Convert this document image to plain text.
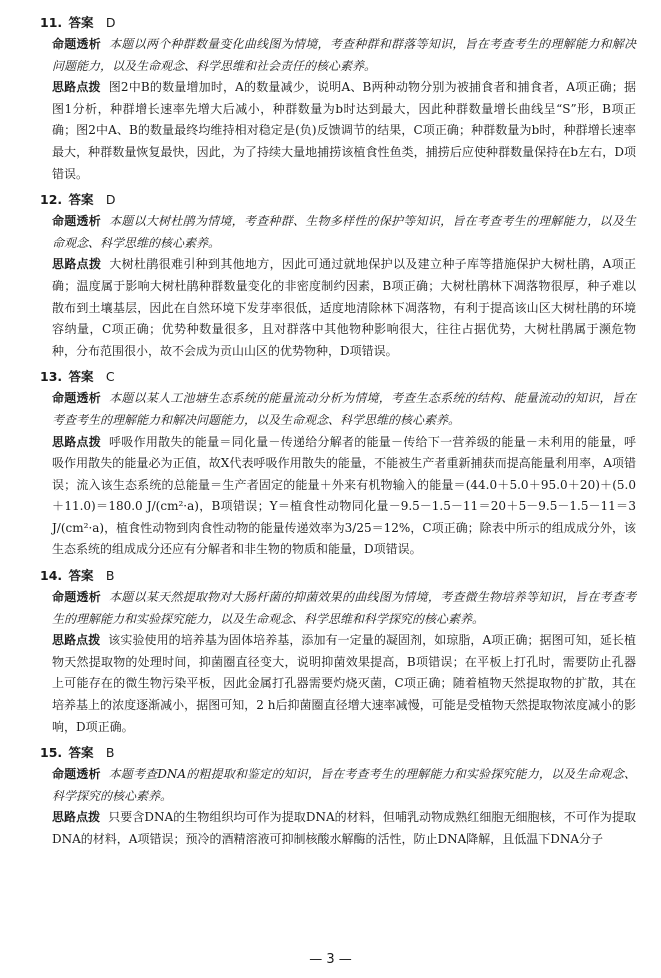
11. 答案 D
命题透析 本题以两个种群数量变化曲线图为情境，考查种群和群落等知识，旨在考查考生的理解能力和解决问题能力，以及生命观念、科学思维和社会责任的核心素养。
思路点拨 图2中B的数量增加时，A的数量减少，说明A、B两种动物分别为被捕食者和捕食者，A项正确；据图1分析，种群增长速率先增大后减小，种群数量为b时达到最大，因此种群数量增长曲线呈“S”形，B项正确；图2中A、B的数量最终均维持相对稳定是(负)反馈调节的结果，C项正确；种群数量为b时，种群增长速率最大，种群数量恢复最快，因此，为了持续大量地捕捞该植食性鱼类，捕捞后应使种群数量保持在b左右，D项错误。
12. 答案 D
命题透析 本题以大树杜鹃为情境，考查种群、生物多样性的保护等知识，旨在考查考生的理解能力，以及生命观念、科学思维的核心素养。
思路点拨 大树杜鹃很难引种到其他地方，因此可通过就地保护以及建立种子库等措施保护大树杜鹃，A项正确；温度属于影响大树杜鹃种群数量变化的非密度制约因素，B项正确；大树杜鹃林下凋落物很厚，种子难以散布到土壤基层，因此在自然环境下发芽率很低，适度地清除林下凋落物，有利于提高该山区大树杜鹃的环境容纳量，C项正确；优势种数量很多，且对群落中其他物种影响很大，往往占据优势，大树杜鹃属于濒危物种，分布范围很小，故不会成为贡山山区的优势物种，D项错误。
13. 答案 C
命题透析 本题以某人工池塘生态系统的能量流动分析为情境，考查生态系统的结构、能量流动的知识，旨在考查考生的理解能力和解决问题能力，以及生命观念、科学思维的核心素养。
思路点拨 呼吸作用散失的能量＝同化量－传递给分解者的能量－传给下一营养级的能量－未利用的能量，呼吸作用散失的能量必为正值，故X代表呼吸作用散失的能量，不能被生产者重新捕获而提高能量利用率，A项错误；流入该生态系统的总能量＝生产者固定的能量＋外来有机物输入的能量＝(44.0＋5.0＋95.0＋20)＋(5.0＋11.0)＝180.0 J/(cm²·a)，B项错误；Y＝植食性动物同化量－9.5－1.5－11＝20＋5－9.5－1.5－11＝3 J/(cm²·a)，植食性动物到肉食性动物的能量传递效率为3/25＝12%，C项正确；除表中所示的组成成分外，该生态系统的组成成分还应有分解者和非生物的物质和能量，D项错误。
14. 答案 B
命题透析 本题以某天然提取物对大肠杆菌的抑菌效果的曲线图为情境，考查微生物培养等知识，旨在考查考生的理解能力和实验探究能力，以及生命观念、科学思维和科学探究的核心素养。
思路点拨 该实验使用的培养基为固体培养基，添加有一定量的凝固剂，如琼脂，A项正确；据图可知，延长植物天然提取物的处理时间，抑菌圈直径变大，说明抑菌效果提高，B项错误；在平板上打孔时，需要防止孔器上可能存在的微生物污染平板，因此金属打孔器需要灼烧灭菌，C项正确；随着植物天然提取物的扩散，其在培养基上的浓度逐渐减小，据图可知，2 h后抑菌圈直径增大速率减慢，可能是受植物天然提取物浓度减小的影响，D项正确。
15. 答案 B
命题透析 本题考查DNA的粗提取和鉴定的知识，旨在考查考生的理解能力和实验探究能力，以及生命观念、科学探究的核心素养。
思路点拨 只要含DNA的生物组织均可作为提取DNA的材料，但哺乳动物成熟红细胞无细胞核，不可作为提取DNA的材料，A项错误；预冷的酒精溶液可抑制核酸水解酶的活性，防止DNA降解，且低温下DNA分子
— 3 —
